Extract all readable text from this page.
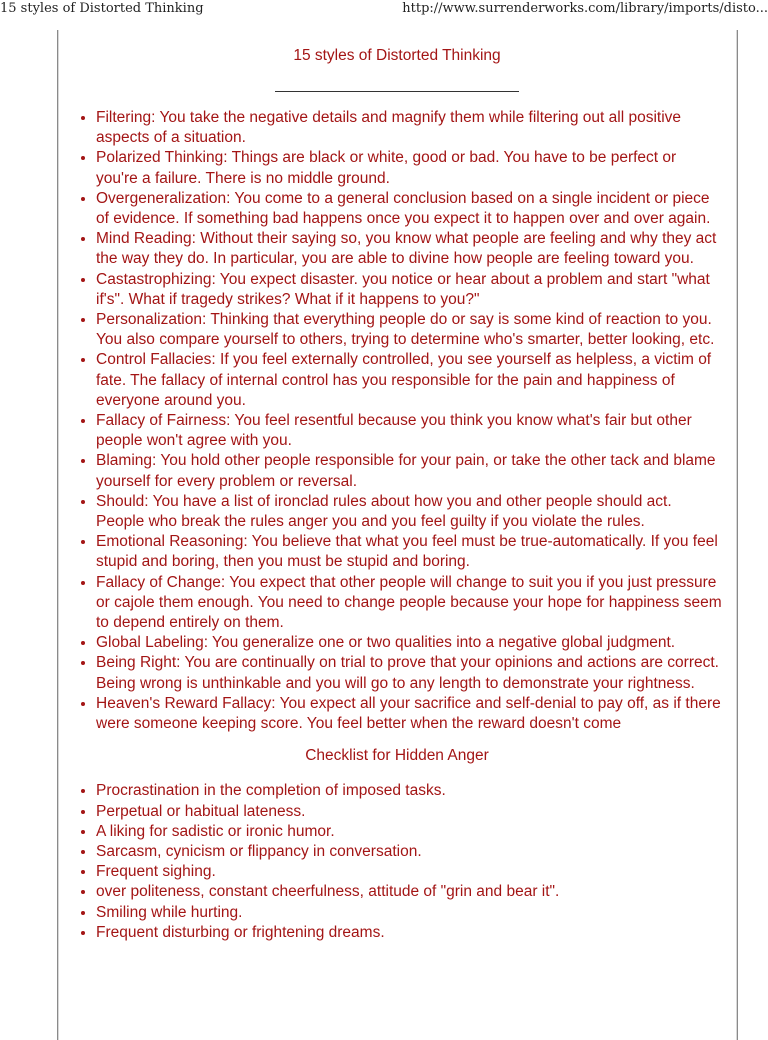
15 styles of Distorted Thinking	http://www.surrenderworks.com/library/imports/disto...
15 styles of Distorted Thinking
• Filtering: You take the negative details and magnify them while filtering out all positive aspects of a situation.
• Polarized Thinking: Things are black or white, good or bad. You have to be perfect or you're a failure. There is no middle ground.
• Overgeneralization: You come to a general conclusion based on a single incident or piece of evidence. If something bad happens once you expect it to happen over and over again.
• Mind Reading: Without their saying so, you know what people are feeling and why they act the way they do. In particular, you are able to divine how people are feeling toward you.
• Castastrophizing: You expect disaster. you notice or hear about a problem and start "what if's". What if tragedy strikes? What if it happens to you?"
• Personalization: Thinking that everything people do or say is some kind of reaction to you. You also compare yourself to others, trying to determine who's smarter, better looking, etc.
• Control Fallacies: If you feel externally controlled, you see yourself as helpless, a victim of fate. The fallacy of internal control has you responsible for the pain and happiness of everyone around you.
• Fallacy of Fairness: You feel resentful because you think you know what's fair but other people won't agree with you.
• Blaming: You hold other people responsible for your pain, or take the other tack and blame yourself for every problem or reversal.
• Should: You have a list of ironclad rules about how you and other people should act. People who break the rules anger you and you feel guilty if you violate the rules.
• Emotional Reasoning: You believe that what you feel must be true-automatically. If you feel stupid and boring, then you must be stupid and boring.
• Fallacy of Change: You expect that other people will change to suit you if you just pressure or cajole them enough. You need to change people because your hope for happiness seem to depend entirely on them.
• Global Labeling: You generalize one or two qualities into a negative global judgment.
• Being Right: You are continually on trial to prove that your opinions and actions are correct. Being wrong is unthinkable and you will go to any length to demonstrate your rightness.
• Heaven's Reward Fallacy: You expect all your sacrifice and self-denial to pay off, as if there were someone keeping score. You feel better when the reward doesn't come
Checklist for Hidden Anger
• Procrastination in the completion of imposed tasks.
• Perpetual or habitual lateness.
• A liking for sadistic or ironic humor.
• Sarcasm, cynicism or flippancy in conversation.
• Frequent sighing.
• over politeness, constant cheerfulness, attitude of "grin and bear it".
• Smiling while hurting.
• Frequent disturbing or frightening dreams.
